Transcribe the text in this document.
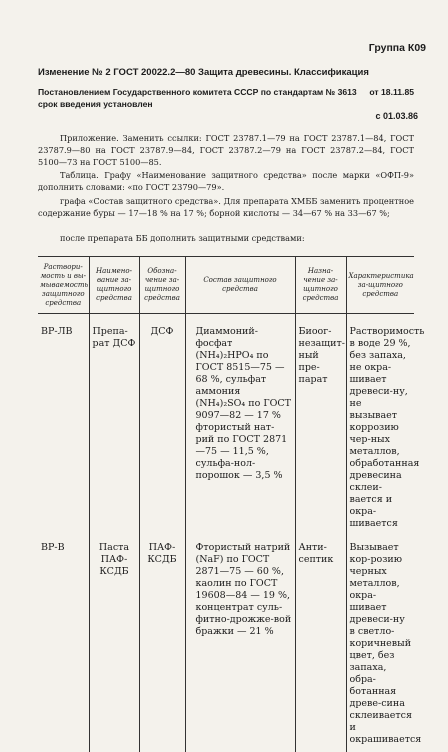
Группа К09
Изменение № 2 ГОСТ 20022.2—80 Защита древесины. Классификация
от 18.11.85
Постановлением Государственного комитета СССР по стандартам № 3613 срок введения установлен
с 01.03.86
Приложение. Заменить ссылки: ГОСТ 23787.1—79 на ГОСТ 23787.1—84, ГОСТ 23787.9—80 на ГОСТ 23787.9—84, ГОСТ 23787.2—79 на ГОСТ 23787.2—84, ГОСТ 5100—73 на ГОСТ 5100—85.
Таблица. Графу «Наименование защитного средства» после марки «ОФП-9» дополнить словами: «по ГОСТ 23790—79».
графа «Состав защитного средства». Для препарата ХМББ заменить процентное содержание буры — 17—18 % на 17 %; борной кислоты — 34—67 % на 33—67 %;
после препарата ББ дополнить защитными средствами:
Раствори-мость и вы-мываемость защитного средства	Наимено-вание за-щитного средства	Обозна-чение за-щитного средства	Состав защитного средства	Назна-чение за-щитного средства	Характеристика за-щитного средства
ВР-ЛВ	Препа-рат ДСФ	ДСФ	Диаммоний-фосфат (NH₄)₂HPO₄ по ГОСТ 8515—75 — 68 %, сульфат аммония (NH₄)₂SO₄ по ГОСТ 9097—82 — 17 % фтористый нат-рий по ГОСТ 2871—75 — 11,5 %, сульфа-нол-порошок — 3,5 %	Биоог-незащит-ный пре-парат	Растворимость в воде 29 %, без запаха, не окра-шивает древеси-ну, не вызывает коррозию чер-ных металлов, обработанная древесина склеи-вается и окра-шивается
ВР-В	Паста ПАФ-КСДБ	ПАФ-КСДБ	Фтористый натрий (NaF) по ГОСТ 2871—75 — 60 %, каолин по ГОСТ 19608—84 — 19 %, концентрат суль-фитно-дрожже-вой бражки — 21 %	Анти-септик	Вызывает кор-розию черных металлов, окра-шивает древеси-ну в светло-коричневый цвет, без запаха, обра-ботанная древе-сина склеивается и окрашивается
